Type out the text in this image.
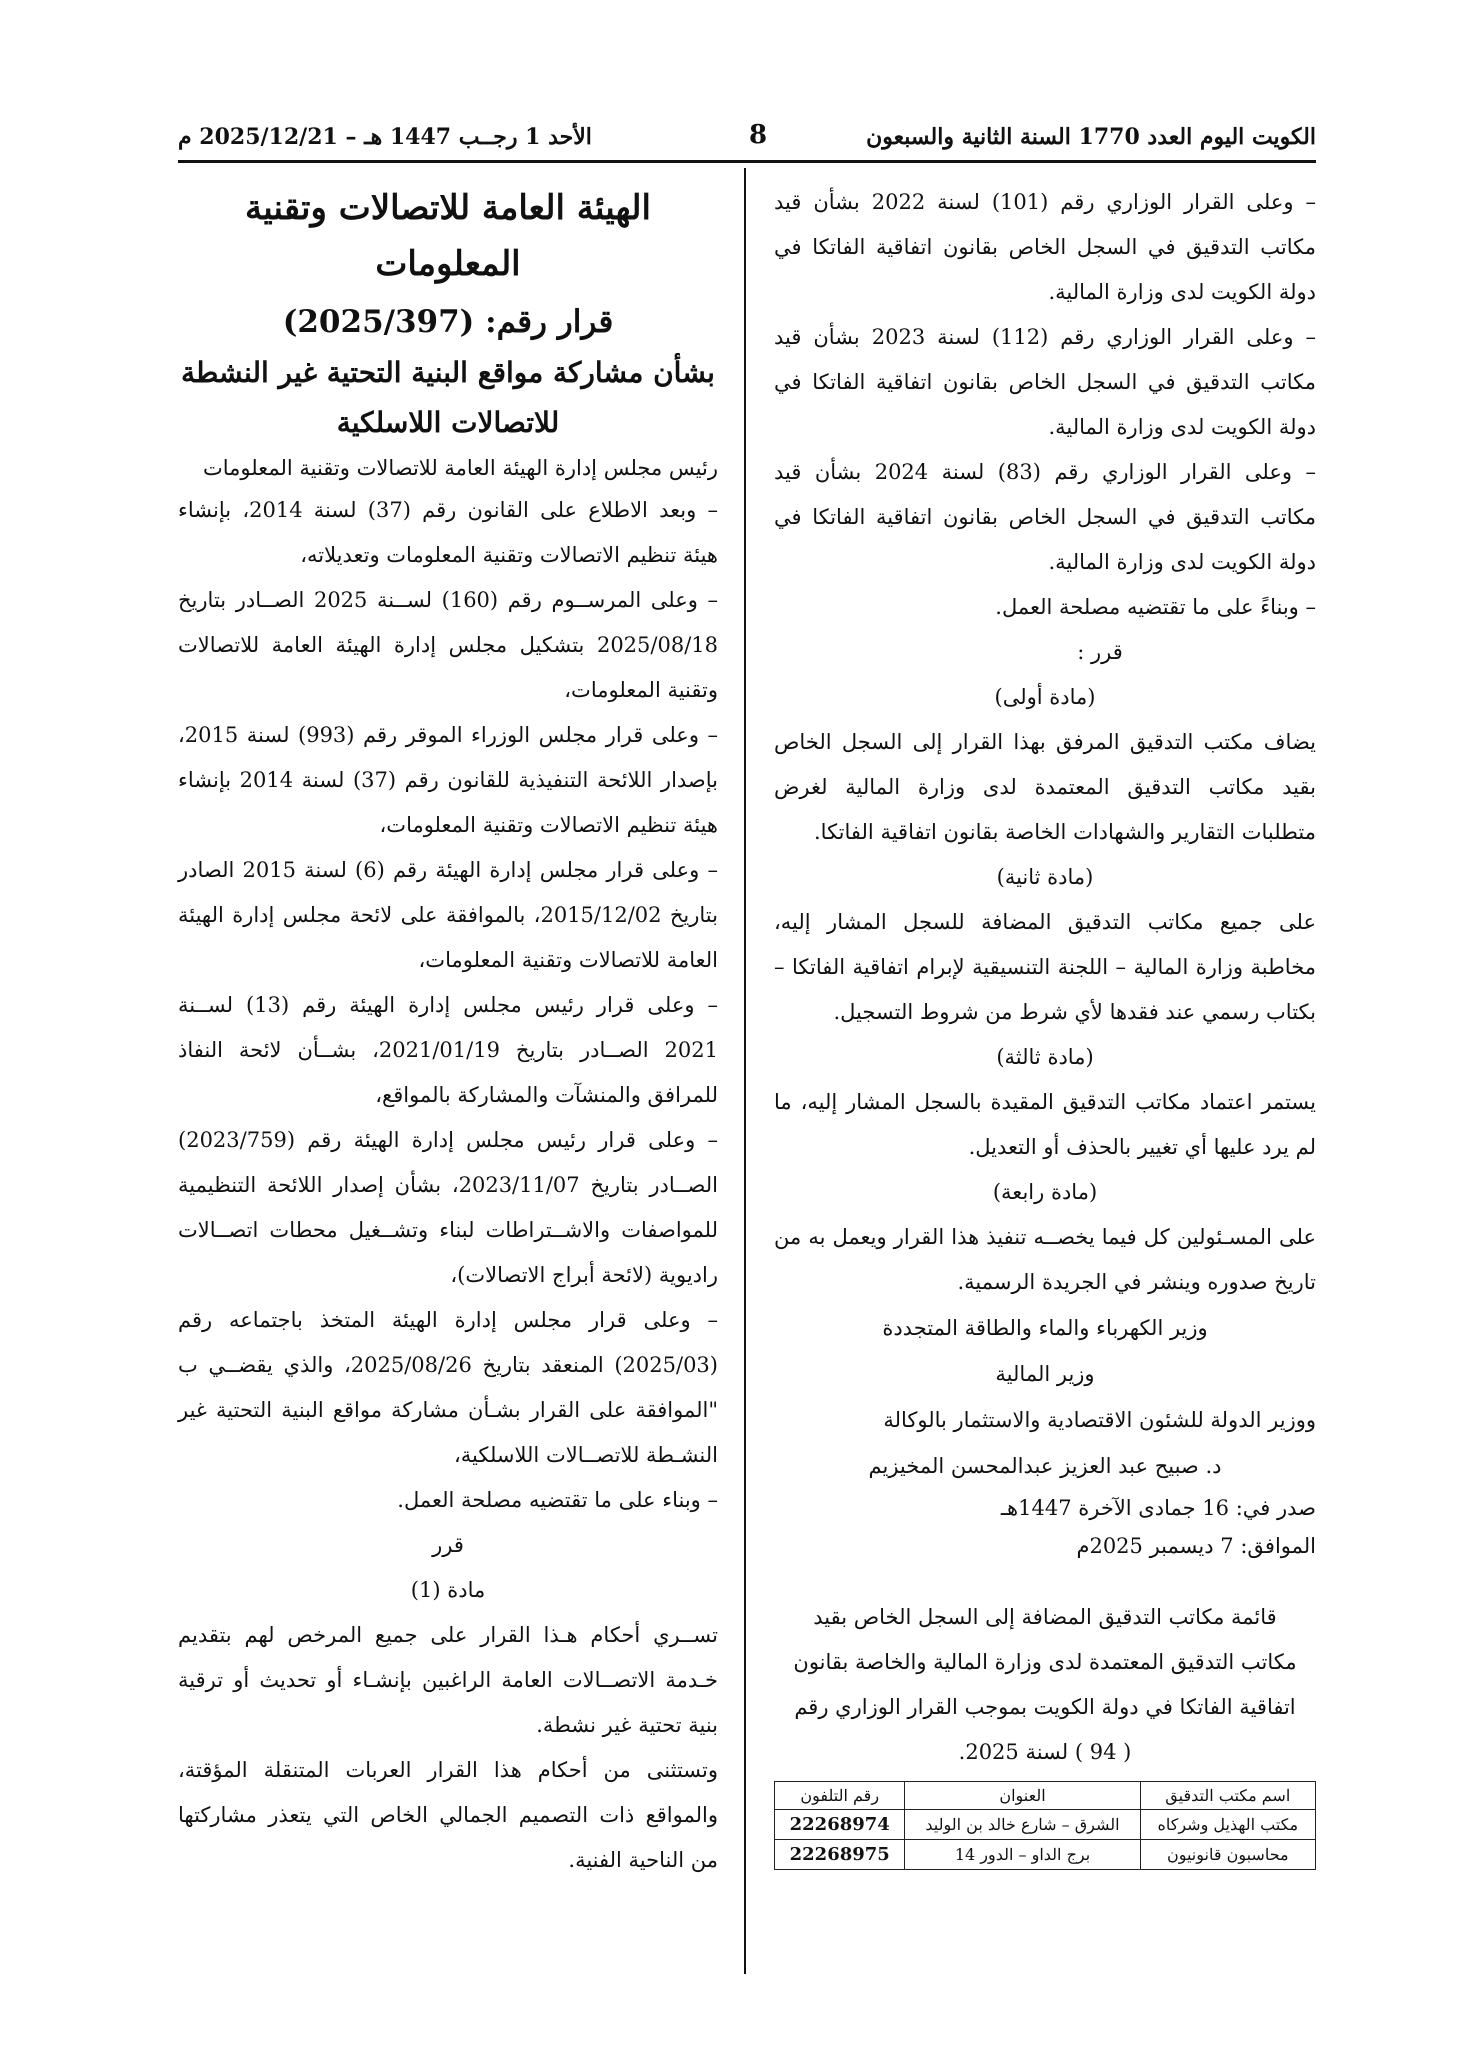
الكويت اليوم العدد 1770 السنة الثانية والسبعون
8
الأحد 1 رجــب 1447 هـ – 2025/12/21 م

– وعلى القرار الوزاري رقم (101) لسنة 2022 بشأن قيد مكاتب التدقيق في السجل الخاص بقانون اتفاقية الفاتكا في دولة الكويت لدى وزارة المالية.

– وعلى القرار الوزاري رقم (112) لسنة 2023 بشأن قيد مكاتب التدقيق في السجل الخاص بقانون اتفاقية الفاتكا في دولة الكويت لدى وزارة المالية.

– وعلى القرار الوزاري رقم (83) لسنة 2024 بشأن قيد مكاتب التدقيق في السجل الخاص بقانون اتفاقية الفاتكا في دولة الكويت لدى وزارة المالية.

– وبناءً على ما تقتضيه مصلحة العمل.

قرر :

(مادة أولى)

يضاف مكتب التدقيق المرفق بهذا القرار إلى السجل الخاص بقيد مكاتب التدقيق المعتمدة لدى وزارة المالية لغرض متطلبات التقارير والشهادات الخاصة بقانون اتفاقية الفاتكا.

(مادة ثانية)

على جميع مكاتب التدقيق المضافة للسجل المشار إليه، مخاطبة وزارة المالية – اللجنة التنسيقية لإبرام اتفاقية الفاتكا – بكتاب رسمي عند فقدها لأي شرط من شروط التسجيل.

(مادة ثالثة)

يستمر اعتماد مكاتب التدقيق المقيدة بالسجل المشار إليه، ما لم يرد عليها أي تغيير بالحذف أو التعديل.

(مادة رابعة)

على المسـئولين كل فيما يخصــه تنفيذ هذا القرار ويعمل به من تاريخ صدوره وينشر في الجريدة الرسمية.

وزير الكهرباء والماء والطاقة المتجددة

وزير المالية

ووزير الدولة للشئون الاقتصادية والاستثمار بالوكالة

د. صبيح عبد العزيز عبدالمحسن المخيزيم

صدر في: 16 جمادى الآخرة 1447هـ

الموافق: 7 ديسمبر 2025م

قائمة مكاتب التدقيق المضافة إلى السجل الخاص بقيد مكاتب التدقيق المعتمدة لدى وزارة المالية والخاصة بقانون اتفاقية الفاتكا في دولة الكويت بموجب القرار الوزاري رقم ( 94 ) لسنة 2025.

اسم مكتب التدقيق	العنوان	رقم التلفون
مكتب الهذيل وشركاه	الشرق – شارع خالد بن الوليد	22268974
محاسبون قانونيون	برج الداو – الدور 14	22268975

الهيئة العامة للاتصالات وتقنية المعلومات

قرار رقم: (2025/397)

بشأن مشاركة مواقع البنية التحتية غير النشطة

للاتصالات اللاسلكية

رئيس مجلس إدارة الهيئة العامة للاتصالات وتقنية المعلومات

– وبعد الاطلاع على القانون رقم (37) لسنة 2014، بإنشاء هيئة تنظيم الاتصالات وتقنية المعلومات وتعديلاته،

– وعلى المرســوم رقم (160) لســنة 2025 الصــادر بتاريخ 2025/08/18 بتشكيل مجلس إدارة الهيئة العامة للاتصالات وتقنية المعلومات،

– وعلى قرار مجلس الوزراء الموقر رقم (993) لسنة 2015، بإصدار اللائحة التنفيذية للقانون رقم (37) لسنة 2014 بإنشاء هيئة تنظيم الاتصالات وتقنية المعلومات،

– وعلى قرار مجلس إدارة الهيئة رقم (6) لسنة 2015 الصادر بتاريخ 2015/12/02، بالموافقة على لائحة مجلس إدارة الهيئة العامة للاتصالات وتقنية المعلومات،

– وعلى قرار رئيس مجلس إدارة الهيئة رقم (13) لســنة 2021 الصــادر بتاريخ 2021/01/19، بشــأن لائحة النفاذ للمرافق والمنشآت والمشاركة بالمواقع،

– وعلى قرار رئيس مجلس إدارة الهيئة رقم (2023/759) الصــادر بتاريخ 2023/11/07، بشأن إصدار اللائحة التنظيمية للمواصفات والاشــتراطات لبناء وتشــغيل محطات اتصــالات راديوية (لائحة أبراج الاتصالات)،

– وعلى قرار مجلس إدارة الهيئة المتخذ باجتماعه رقم (2025/03) المنعقد بتاريخ 2025/08/26، والذي يقضــي ب "الموافقة على القرار بشـأن مشاركة مواقع البنية التحتية غير النشـطة للاتصــالات اللاسلكية،

– وبناء على ما تقتضيه مصلحة العمل.

قرر

مادة (1)

تســري أحكام هـذا القرار على جميع المرخص لهم بتقديم خـدمة الاتصــالات العامة الراغبين بإنشـاء أو تحديث أو ترقية بنية تحتية غير نشطة.

وتستثنى من أحكام هذا القرار العربات المتنقلة المؤقتة، والمواقع ذات التصميم الجمالي الخاص التي يتعذر مشاركتها من الناحية الفنية.
